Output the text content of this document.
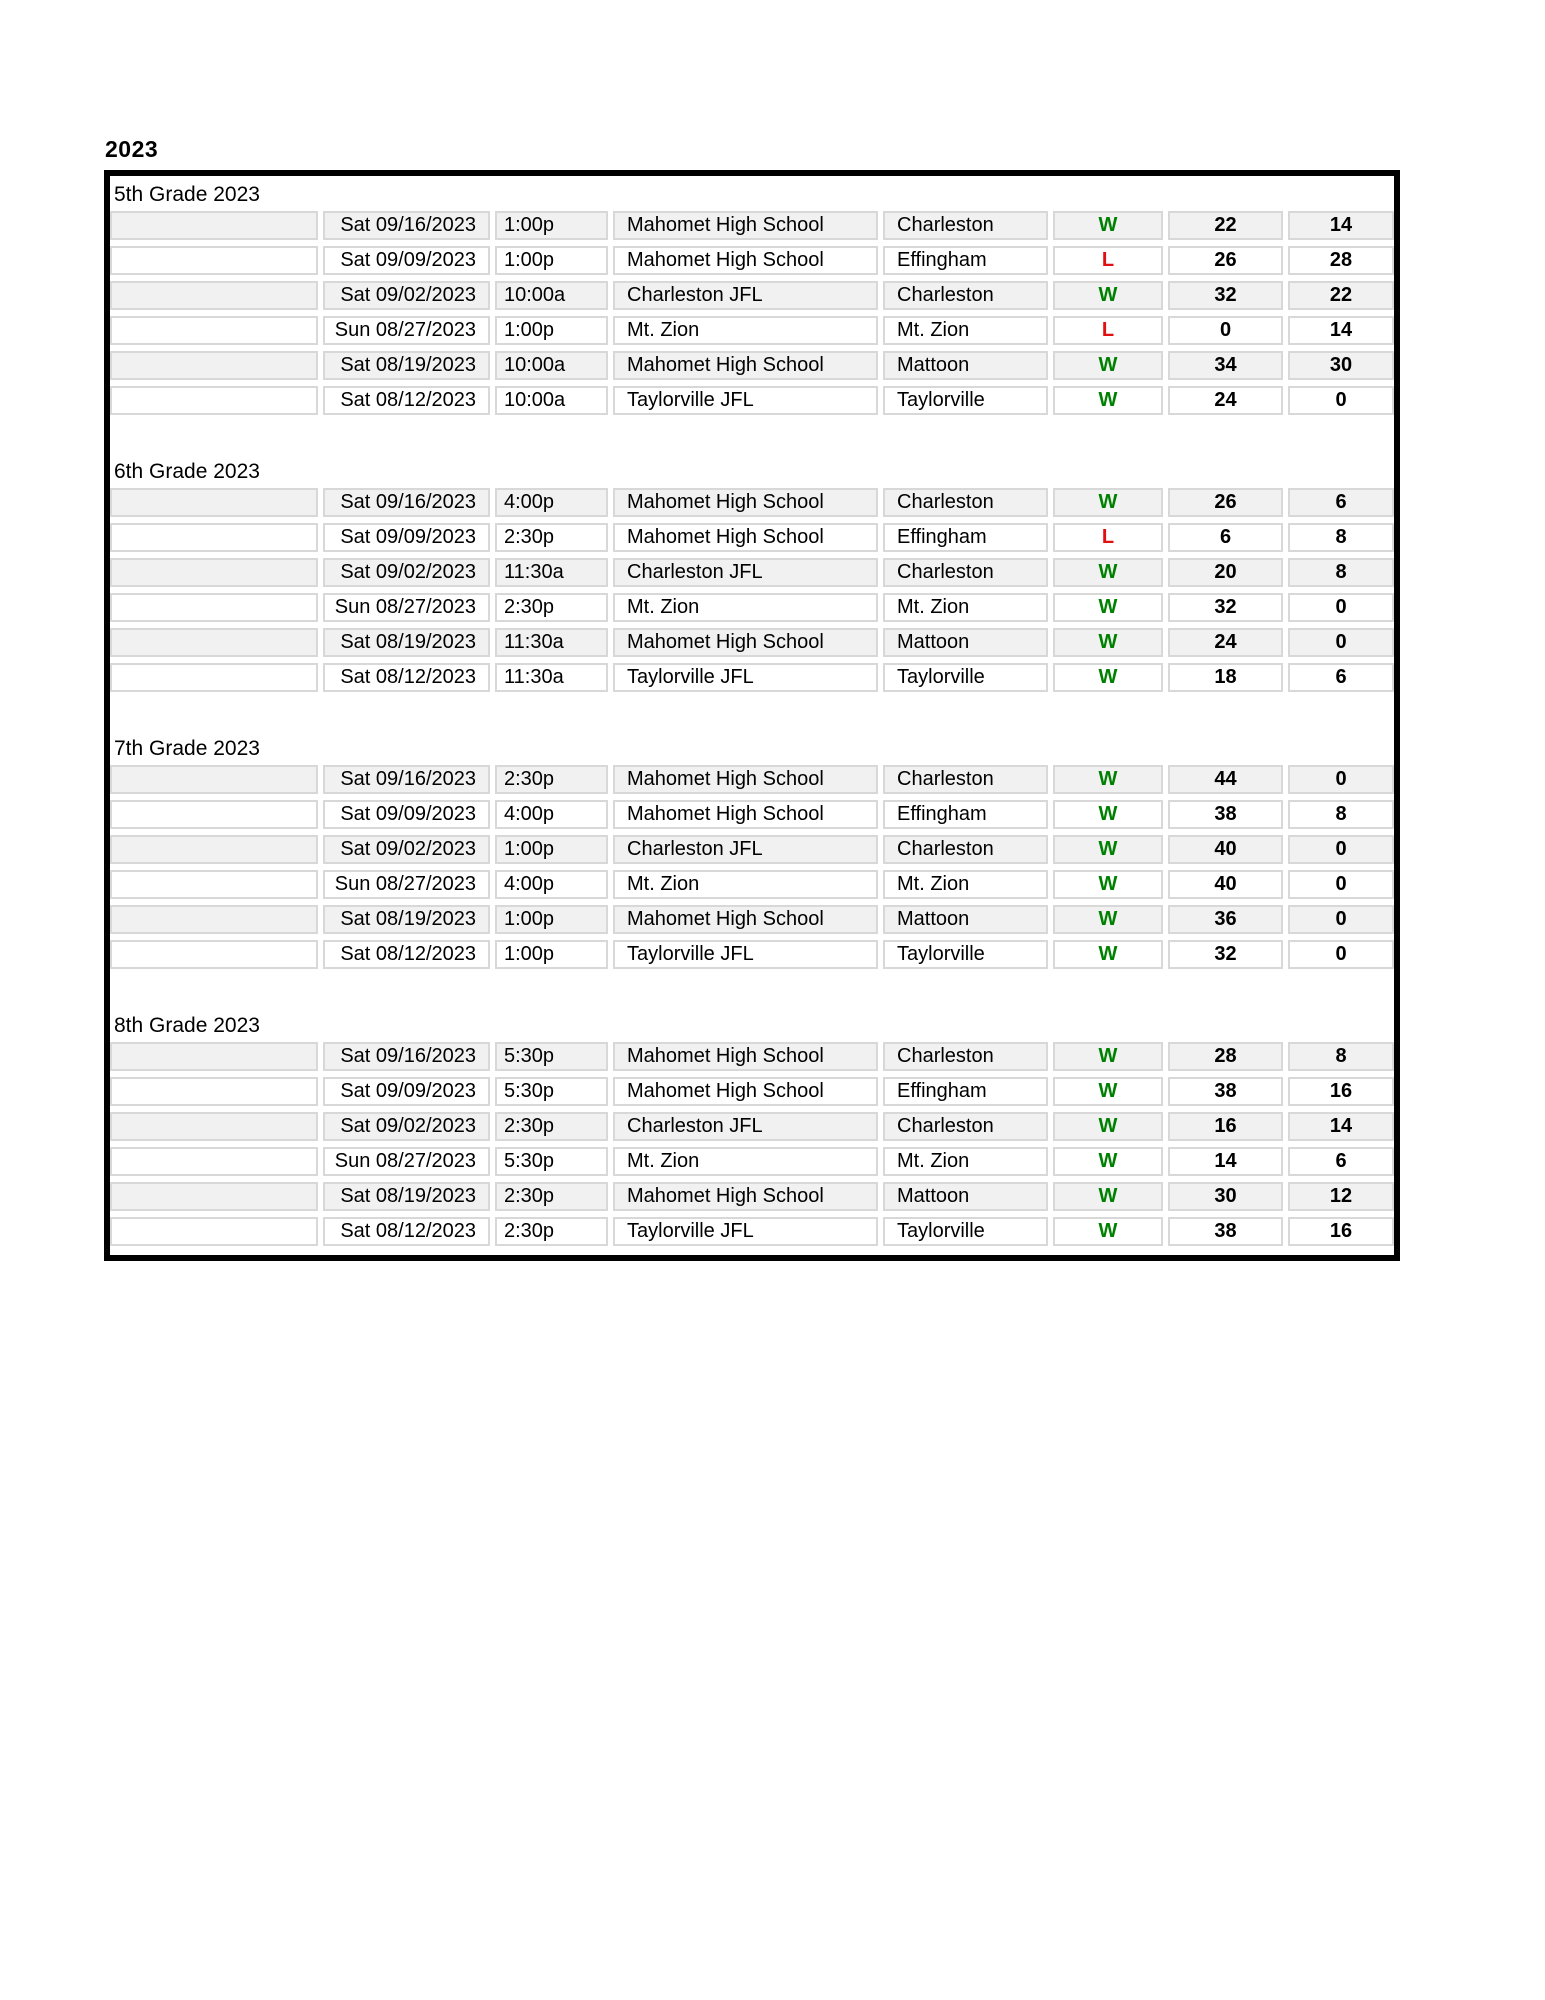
2023
5th Grade 2023
Sat 09/16/2023	1:00p	Mahomet High School	Charleston	W	22	14
Sat 09/09/2023	1:00p	Mahomet High School	Effingham	L	26	28
Sat 09/02/2023	10:00a	Charleston JFL	Charleston	W	32	22
Sun 08/27/2023	1:00p	Mt. Zion	Mt. Zion	L	0	14
Sat 08/19/2023	10:00a	Mahomet High School	Mattoon	W	34	30
Sat 08/12/2023	10:00a	Taylorville JFL	Taylorville	W	24	0
6th Grade 2023
Sat 09/16/2023	4:00p	Mahomet High School	Charleston	W	26	6
Sat 09/09/2023	2:30p	Mahomet High School	Effingham	L	6	8
Sat 09/02/2023	11:30a	Charleston JFL	Charleston	W	20	8
Sun 08/27/2023	2:30p	Mt. Zion	Mt. Zion	W	32	0
Sat 08/19/2023	11:30a	Mahomet High School	Mattoon	W	24	0
Sat 08/12/2023	11:30a	Taylorville JFL	Taylorville	W	18	6
7th Grade 2023
Sat 09/16/2023	2:30p	Mahomet High School	Charleston	W	44	0
Sat 09/09/2023	4:00p	Mahomet High School	Effingham	W	38	8
Sat 09/02/2023	1:00p	Charleston JFL	Charleston	W	40	0
Sun 08/27/2023	4:00p	Mt. Zion	Mt. Zion	W	40	0
Sat 08/19/2023	1:00p	Mahomet High School	Mattoon	W	36	0
Sat 08/12/2023	1:00p	Taylorville JFL	Taylorville	W	32	0
8th Grade 2023
Sat 09/16/2023	5:30p	Mahomet High School	Charleston	W	28	8
Sat 09/09/2023	5:30p	Mahomet High School	Effingham	W	38	16
Sat 09/02/2023	2:30p	Charleston JFL	Charleston	W	16	14
Sun 08/27/2023	5:30p	Mt. Zion	Mt. Zion	W	14	6
Sat 08/19/2023	2:30p	Mahomet High School	Mattoon	W	30	12
Sat 08/12/2023	2:30p	Taylorville JFL	Taylorville	W	38	16
